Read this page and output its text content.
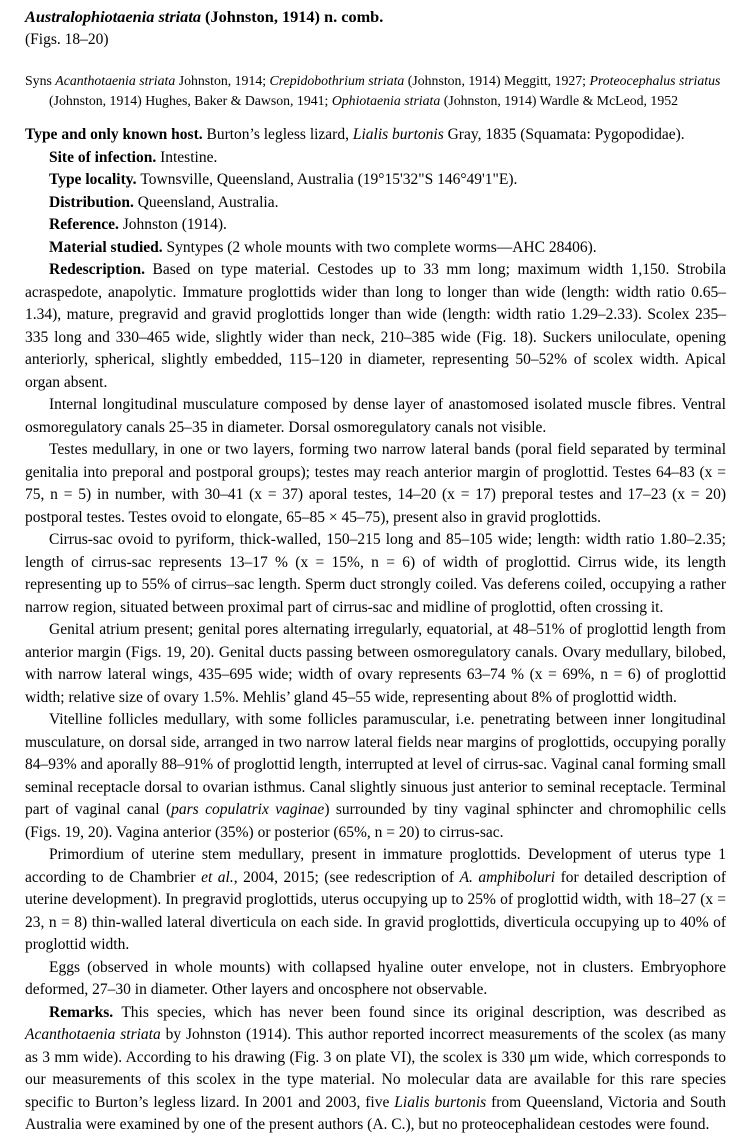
Australophiotaenia striata (Johnston, 1914) n. comb.

(Figs. 18–20)

Syns Acanthotaenia striata Johnston, 1914; Crepidobothrium striata (Johnston, 1914) Meggitt, 1927; Proteocephalus striatus (Johnston, 1914) Hughes, Baker & Dawson, 1941; Ophiotaenia striata (Johnston, 1914) Wardle & McLeod, 1952

Type and only known host. Burton’s legless lizard, Lialis burtonis Gray, 1835 (Squamata: Pygopodidae).

Site of infection. Intestine.

Type locality. Townsville, Queensland, Australia (19°15'32"S 146°49'1"E).

Distribution. Queensland, Australia.

Reference. Johnston (1914).

Material studied. Syntypes (2 whole mounts with two complete worms—AHC 28406).

Redescription. Based on type material. Cestodes up to 33 mm long; maximum width 1,150. Strobila acraspedote, anapolytic. Immature proglottids wider than long to longer than wide (length: width ratio 0.65–1.34), mature, pregravid and gravid proglottids longer than wide (length: width ratio 1.29–2.33). Scolex 235–335 long and 330–465 wide, slightly wider than neck, 210–385 wide (Fig. 18). Suckers uniloculate, opening anteriorly, spherical, slightly embedded, 115–120 in diameter, representing 50–52% of scolex width. Apical organ absent.

Internal longitudinal musculature composed by dense layer of anastomosed isolated muscle fibres. Ventral osmoregulatory canals 25–35 in diameter. Dorsal osmoregulatory canals not visible.

Testes medullary, in one or two layers, forming two narrow lateral bands (poral field separated by terminal genitalia into preporal and postporal groups); testes may reach anterior margin of proglottid. Testes 64–83 (x = 75, n = 5) in number, with 30–41 (x = 37) aporal testes, 14–20 (x = 17) preporal testes and 17–23 (x = 20) postporal testes. Testes ovoid to elongate, 65–85 × 45–75), present also in gravid proglottids.

Cirrus-sac ovoid to pyriform, thick-walled, 150–215 long and 85–105 wide; length: width ratio 1.80–2.35; length of cirrus-sac represents 13–17 % (x = 15%, n = 6) of width of proglottid. Cirrus wide, its length representing up to 55% of cirrus–sac length. Sperm duct strongly coiled. Vas deferens coiled, occupying a rather narrow region, situated between proximal part of cirrus-sac and midline of proglottid, often crossing it.

Genital atrium present; genital pores alternating irregularly, equatorial, at 48–51% of proglottid length from anterior margin (Figs. 19, 20). Genital ducts passing between osmoregulatory canals. Ovary medullary, bilobed, with narrow lateral wings, 435–695 wide; width of ovary represents 63–74 % (x = 69%, n = 6) of proglottid width; relative size of ovary 1.5%. Mehlis’ gland 45–55 wide, representing about 8% of proglottid width.

Vitelline follicles medullary, with some follicles paramuscular, i.e. penetrating between inner longitudinal musculature, on dorsal side, arranged in two narrow lateral fields near margins of proglottids, occupying porally 84–93% and aporally 88–91% of proglottid length, interrupted at level of cirrus-sac. Vaginal canal forming small seminal receptacle dorsal to ovarian isthmus. Canal slightly sinuous just anterior to seminal receptacle. Terminal part of vaginal canal (pars copulatrix vaginae) surrounded by tiny vaginal sphincter and chromophilic cells (Figs. 19, 20). Vagina anterior (35%) or posterior (65%, n = 20) to cirrus-sac.

Primordium of uterine stem medullary, present in immature proglottids. Development of uterus type 1 according to de Chambrier et al., 2004, 2015; (see redescription of A. amphiboluri for detailed description of uterine development). In pregravid proglottids, uterus occupying up to 25% of proglottid width, with 18–27 (x = 23, n = 8) thin-walled lateral diverticula on each side. In gravid proglottids, diverticula occupying up to 40% of proglottid width.

Eggs (observed in whole mounts) with collapsed hyaline outer envelope, not in clusters. Embryophore deformed, 27–30 in diameter. Other layers and oncosphere not observable.

Remarks. This species, which has never been found since its original description, was described as Acanthotaenia striata by Johnston (1914). This author reported incorrect measurements of the scolex (as many as 3 mm wide). According to his drawing (Fig. 3 on plate VI), the scolex is 330 μm wide, which corresponds to our measurements of this scolex in the type material. No molecular data are available for this rare species specific to Burton’s legless lizard. In 2001 and 2003, five Lialis burtonis from Queensland, Victoria and South Australia were examined by one of the present authors (A. C.), but no proteocephalidean cestodes were found.
